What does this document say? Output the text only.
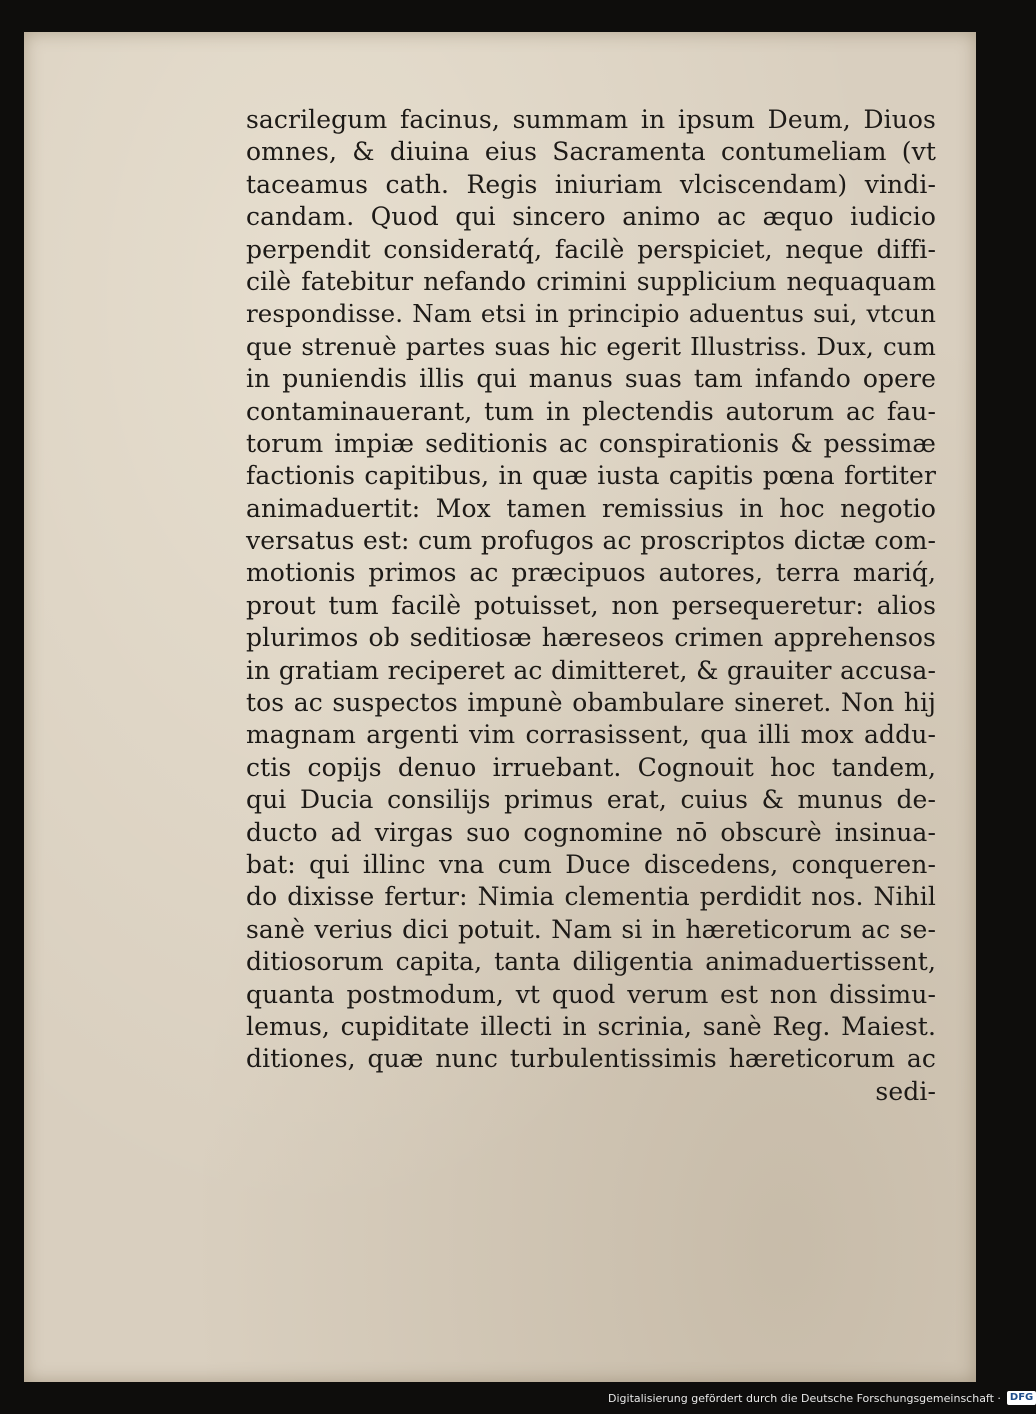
sacrilegum facinus, summam in ipsum Deum, Diuos
omnes, & diuina eius Sacramenta contumeliam (vt
taceamus cath. Regis iniuriam vlciscendam) vindi-
candam. Quod qui sincero animo ac æquo iudicio
perpendit consideratq́, facilè perspiciet, neque diffi-
cilè fatebitur nefando crimini supplicium nequaquam
respondisse. Nam etsi in principio aduentus sui, vtcun
que strenuè partes suas hic egerit Illustriss. Dux, cum
in puniendis illis qui manus suas tam infando opere
contaminauerant, tum in plectendis autorum ac fau-
torum impiæ seditionis ac conspirationis & pessimæ
factionis capitibus, in quæ iusta capitis pœna fortiter
animaduertit: Mox tamen remissius in hoc negotio
versatus est: cum profugos ac proscriptos dictæ com-
motionis primos ac præcipuos autores, terra mariq́,
prout tum facilè potuisset, non persequeretur: alios
plurimos ob seditiosæ hæreseos crimen apprehensos
in gratiam reciperet ac dimitteret, & grauiter accusa-
tos ac suspectos impunè obambulare sineret. Non hij
magnam argenti vim corrasissent, qua illi mox addu-
ctis copijs denuo irruebant. Cognouit hoc tandem,
qui Ducia consilijs primus erat, cuius & munus de-
ducto ad virgas suo cognomine nō obscurè insinua-
bat: qui illinc vna cum Duce discedens, conqueren-
do dixisse fertur: Nimia clementia perdidit nos. Nihil
sanè verius dici potuit. Nam si in hæreticorum ac se-
ditiosorum capita, tanta diligentia animaduertissent,
quanta postmodum, vt quod verum est non dissimu-
lemus, cupiditate illecti in scrinia, sanè Reg. Maiest.
ditiones, quæ nunc turbulentissimis hæreticorum ac
sedi-
Digitalisierung gefördert durch die Deutsche Forschungsgemeinschaft · DFG
